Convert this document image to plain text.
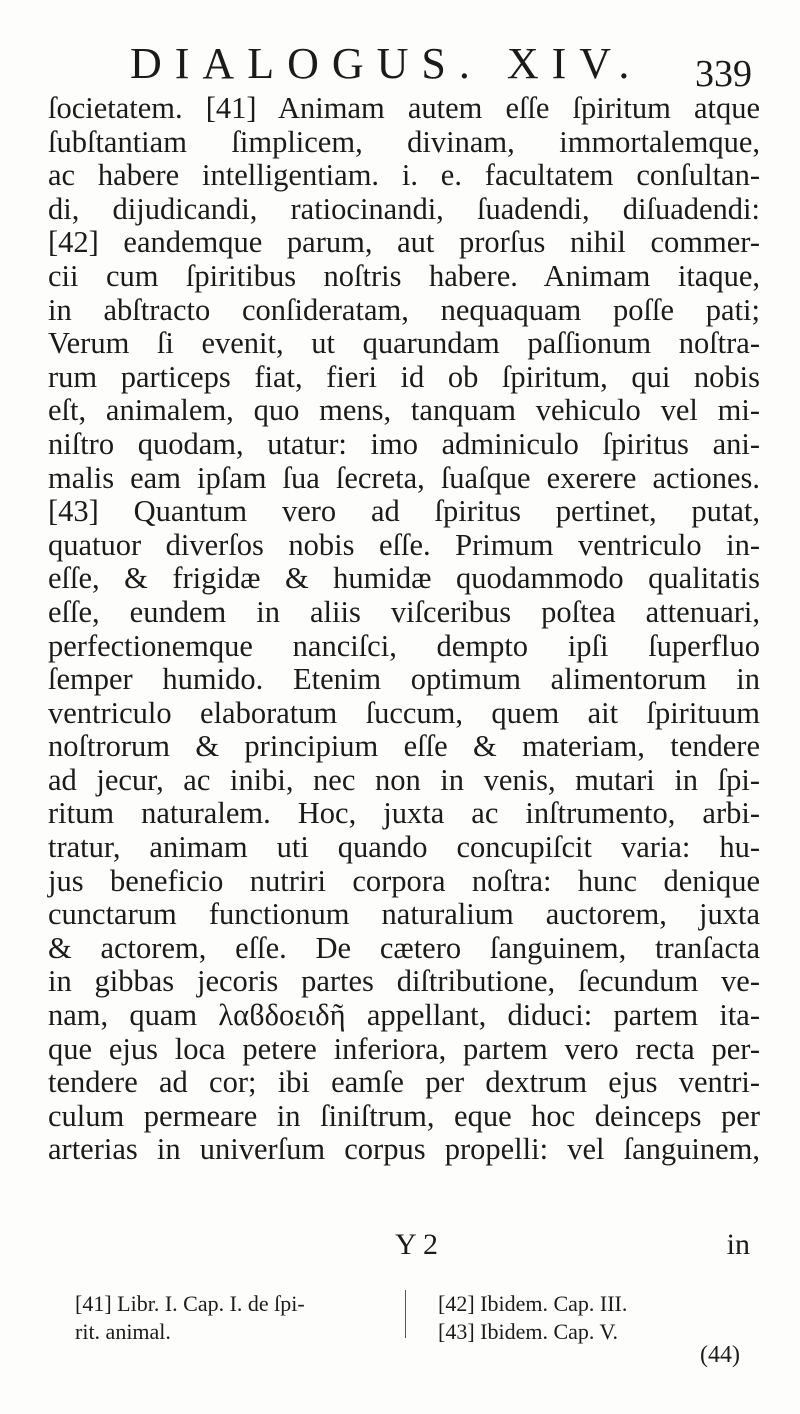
DIALOGUS. XIV. 339
ſocietatem. [41] Animam autem eſſe ſpiritum atque
ſubſtantiam ſimplicem, divinam, immortalemque,
ac habere intelligentiam. i. e. facultatem conſultan-
di, dijudicandi, ratiocinandi, ſuadendi, diſuadendi:
[42] eandemque parum, aut prorſus nihil commer-
cii cum ſpiritibus noſtris habere. Animam itaque,
in abſtracto conſideratam, nequaquam poſſe pati;
Verum ſi evenit, ut quarundam paſſionum noſtra-
rum particeps fiat, fieri id ob ſpiritum, qui nobis
eſt, animalem, quo mens, tanquam vehiculo vel mi-
niſtro quodam, utatur: imo adminiculo ſpiritus ani-
malis eam ipſam ſua ſecreta, ſuaſque exerere actiones.
[43] Quantum vero ad ſpiritus pertinet, putat,
quatuor diverſos nobis eſſe. Primum ventriculo in-
eſſe, & frigidæ & humidæ quodammodo qualitatis
eſſe, eundem in aliis viſceribus poſtea attenuari,
perfectionemque nanciſci, dempto ipſi ſuperfluo
ſemper humido. Etenim optimum alimentorum in
ventriculo elaboratum ſuccum, quem ait ſpirituum
noſtrorum & principium eſſe & materiam, tendere
ad jecur, ac inibi, nec non in venis, mutari in ſpi-
ritum naturalem. Hoc, juxta ac inſtrumento, arbi-
tratur, animam uti quando concupiſcit varia: hu-
jus beneficio nutriri corpora noſtra: hunc denique
cunctarum functionum naturalium auctorem, juxta
& actorem, eſſe. De cætero ſanguinem, tranſacta
in gibbas jecoris partes diſtributione, ſecundum ve-
nam, quam λαϐδοειδῆ appellant, diduci: partem ita-
que ejus loca petere inferiora, partem vero recta per-
tendere ad cor; ibi eamſe per dextrum ejus ventri-
culum permeare in ſiniſtrum, eque hoc deinceps per
arterias in univerſum corpus propelli: vel ſanguinem,
Y 2	in
[41] Libr. I. Cap. I. de ſpi-
rit. animal.
[42] Ibidem. Cap. III.
[43] Ibidem. Cap. V.
(44)
